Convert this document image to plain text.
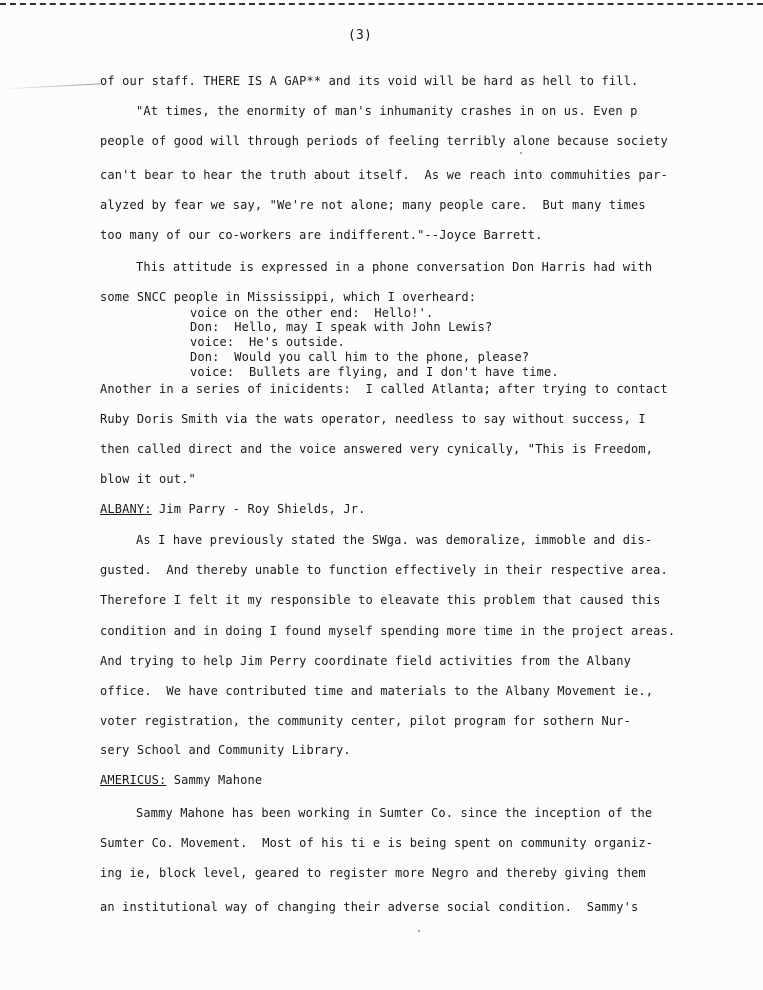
(3)
of our staff. THERE IS A GAP** and its void will be hard as hell to fill.
"At times, the enormity of man's inhumanity crashes in on us. Even p
people of good will through periods of feeling terribly alone because society
can't bear to hear the truth about itself.  As we reach into commuhities par-
alyzed by fear we say, "We're not alone; many people care.  But many times
too many of our co-workers are indifferent."--Joyce Barrett.
This attitude is expressed in a phone conversation Don Harris had with
some SNCC people in Mississippi, which I overheard:
voice on the other end:  Hello!'.
Don:  Hello, may I speak with John Lewis?
voice:  He's outside.
Don:  Would you call him to the phone, please?
voice:  Bullets are flying, and I don't have time.
Another in a series of inicidents:  I called Atlanta; after trying to contact
Ruby Doris Smith via the wats operator, needless to say without success, I
then called direct and the voice answered very cynically, "This is Freedom,
blow it out."
ALBANY: Jim Parry - Roy Shields, Jr.
As I have previously stated the SWga. was demoralize, immoble and dis-
gusted.  And thereby unable to function effectively in their respective area.
Therefore I felt it my responsible to eleavate this problem that caused this
condition and in doing I found myself spending more time in the project areas.
And trying to help Jim Perry coordinate field activities from the Albany
office.  We have contributed time and materials to the Albany Movement ie.,
voter registration, the community center, pilot program for sothern Nur-
sery School and Community Library.
AMERICUS: Sammy Mahone
Sammy Mahone has been working in Sumter Co. since the inception of the
Sumter Co. Movement.  Most of his ti e is being spent on community organiz-
ing ie, block level, geared to register more Negro and thereby giving them
an institutional way of changing their adverse social condition.  Sammy's
